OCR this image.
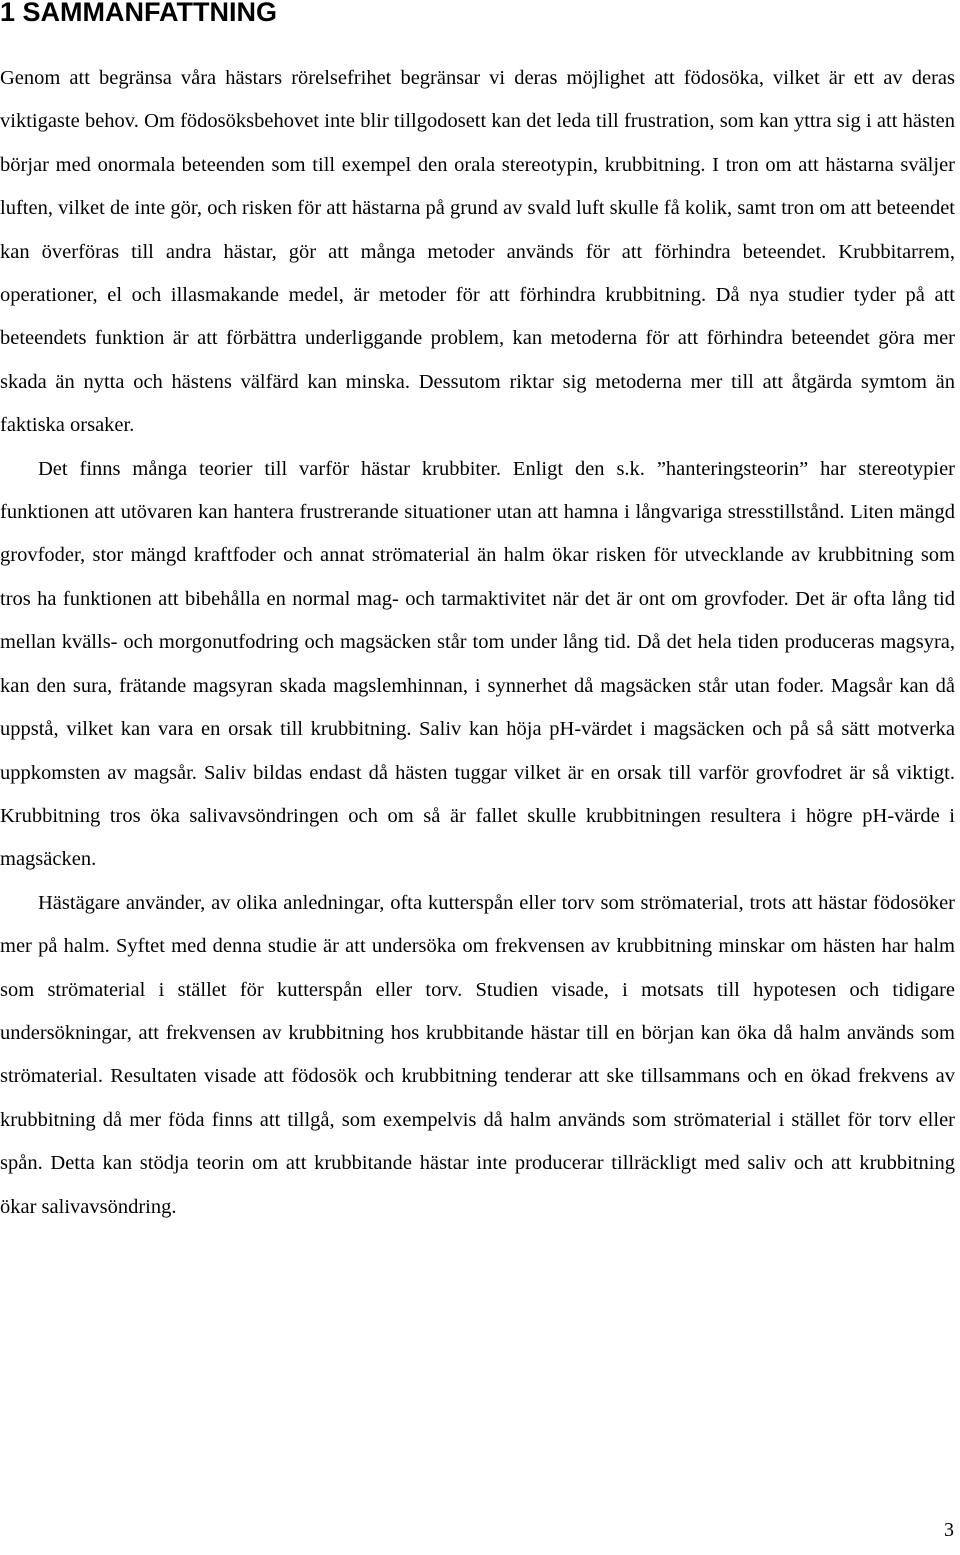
1 SAMMANFATTNING

Genom att begränsa våra hästars rörelsefrihet begränsar vi deras möjlighet att födosöka, vilket är ett av deras viktigaste behov. Om födosöksbehovet inte blir tillgodosett kan det leda till frustration, som kan yttra sig i att hästen börjar med onormala beteenden som till exempel den orala stereotypin, krubbitning. I tron om att hästarna sväljer luften, vilket de inte gör, och risken för att hästarna på grund av svald luft skulle få kolik, samt tron om att beteendet kan överföras till andra hästar, gör att många metoder används för att förhindra beteendet. Krubbitarrem, operationer, el och illasmakande medel, är metoder för att förhindra krubbitning. Då nya studier tyder på att beteendets funktion är att förbättra underliggande problem, kan metoderna för att förhindra beteendet göra mer skada än nytta och hästens välfärd kan minska. Dessutom riktar sig metoderna mer till att åtgärda symtom än faktiska orsaker.

Det finns många teorier till varför hästar krubbiter. Enligt den s.k. ”hanteringsteorin” har stereotypier funktionen att utövaren kan hantera frustrerande situationer utan att hamna i långvariga stresstillstånd. Liten mängd grovfoder, stor mängd kraftfoder och annat strömaterial än halm ökar risken för utvecklande av krubbitning som tros ha funktionen att bibehålla en normal mag- och tarmaktivitet när det är ont om grovfoder. Det är ofta lång tid mellan kvälls- och morgonutfodring och magsäcken står tom under lång tid. Då det hela tiden produceras magsyra, kan den sura, frätande magsyran skada magslemhinnan, i synnerhet då magsäcken står utan foder. Magsår kan då uppstå, vilket kan vara en orsak till krubbitning. Saliv kan höja pH-värdet i magsäcken och på så sätt motverka uppkomsten av magsår. Saliv bildas endast då hästen tuggar vilket är en orsak till varför grovfodret är så viktigt. Krubbitning tros öka salivavsöndringen och om så är fallet skulle krubbitningen resultera i högre pH-värde i magsäcken.

Hästägare använder, av olika anledningar, ofta kutterspån eller torv som strömaterial, trots att hästar födosöker mer på halm. Syftet med denna studie är att undersöka om frekvensen av krubbitning minskar om hästen har halm som strömaterial i stället för kutterspån eller torv. Studien visade, i motsats till hypotesen och tidigare undersökningar, att frekvensen av krubbitning hos krubbitande hästar till en början kan öka då halm används som strömaterial. Resultaten visade att födosök och krubbitning tenderar att ske tillsammans och en ökad frekvens av krubbitning då mer föda finns att tillgå, som exempelvis då halm används som strömaterial i stället för torv eller spån. Detta kan stödja teorin om att krubbitande hästar inte producerar tillräckligt med saliv och att krubbitning ökar salivavsöndring.

3
